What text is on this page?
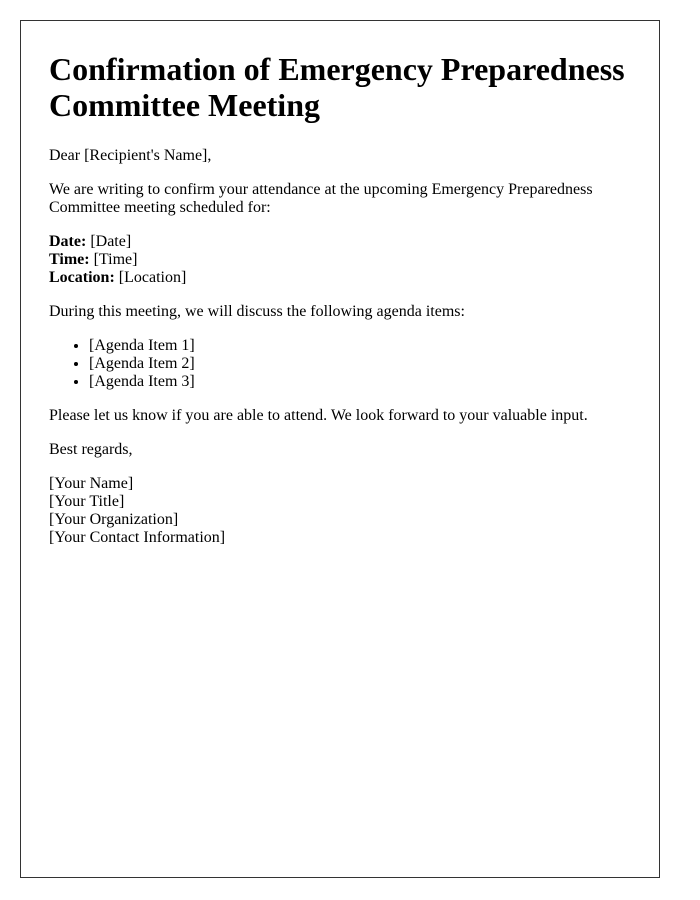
Confirmation of Emergency Preparedness Committee Meeting

Dear [Recipient's Name],

We are writing to confirm your attendance at the upcoming Emergency Preparedness Committee meeting scheduled for:

Date: [Date]

Time: [Time]

Location: [Location]

During this meeting, we will discuss the following agenda items:

• [Agenda Item 1]
• [Agenda Item 2]
• [Agenda Item 3]

Please let us know if you are able to attend. We look forward to your valuable input.

Best regards,

[Your Name]

[Your Title]

[Your Organization]

[Your Contact Information]
